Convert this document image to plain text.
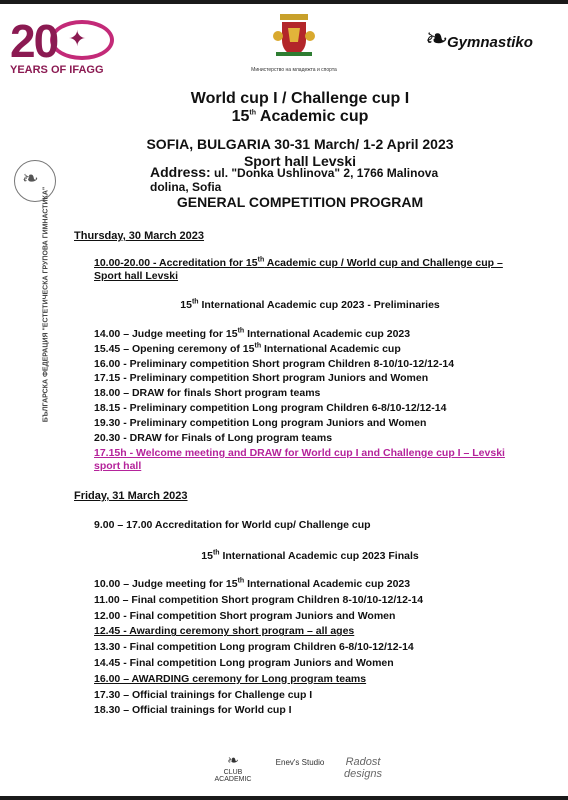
20 ✦
YEARS OF IFAGG	Министерство на младежта и спорта
❧
Gymnastiko
❧
БЪЛГАРСКА ФЕДЕРАЦИЯ "ЕСТЕТИЧЕСКА ГРУПОВА ГИМНАСТИКА"
World cup I / Challenge cup I
15th Academic cup
SOFIA, BULGARIA 30-31 March/ 1-2 April 2023
Sport hall Levski
Address: ul. "Donka Ushlinova" 2, 1766 Malinova dolina, Sofia
GENERAL COMPETITION PROGRAM
Thursday, 30 March 2023
10.00-20.00 - Accreditation for 15th Academic cup / World cup and Challenge cup – Sport hall Levski
15th International Academic cup 2023 - Preliminaries
14.00 – Judge meeting for 15th International Academic cup 2023
15.45 – Opening ceremony of 15th International Academic cup
16.00 - Preliminary competition Short program Children 8-10/10-12/12-14
17.15 - Preliminary competition Short program Juniors and Women
18.00 – DRAW for finals Short program teams
18.15 - Preliminary competition Long program Children 6-8/10-12/12-14
19.30 - Preliminary competition Long program Juniors and Women
20.30 - DRAW for Finals of Long program teams
17.15h - Welcome meeting and DRAW for World cup I and Challenge cup I – Levski sport hall
Friday, 31 March 2023
9.00 – 17.00 Accreditation for World cup/ Challenge cup
15th International Academic cup 2023 Finals
10.00 – Judge meeting for 15th International Academic cup 2023
11.00 – Final competition Short program Children 8-10/10-12/12-14
12.00 - Final competition Short program Juniors and Women
12.45 - Awarding ceremony short program – all ages
13.30 - Final competition Long program Children 6-8/10-12/12-14
14.45 - Final competition Long program Juniors and Women
16.00 – AWARDING ceremony for Long program teams
17.30 – Official trainings for Challenge cup I
18.30 – Official trainings for World cup I
❧
CLUB ACADEMIC
Enev's Studio	Radost designs
